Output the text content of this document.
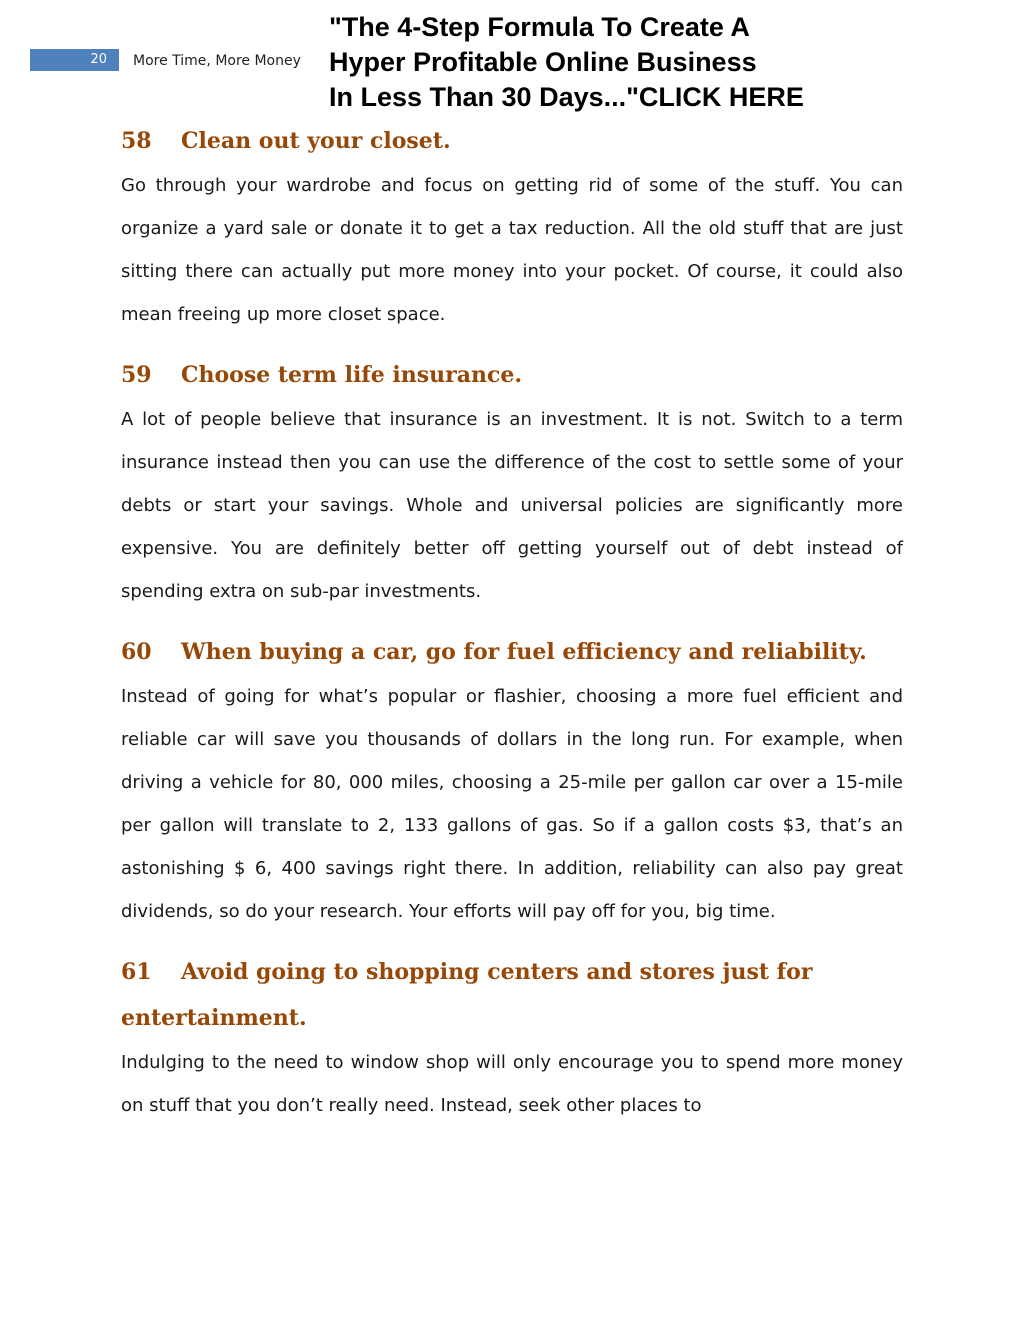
20	More Time, More Money
"The 4-Step Formula To Create A
Hyper Profitable Online Business
In Less Than 30 Days..."CLICK HERE
58 Clean out your closet.

Go through your wardrobe and focus on getting rid of some of the stuff. You can organize a yard sale or donate it to get a tax reduction. All the old stuff that are just sitting there can actually put more money into your pocket. Of course, it could also mean freeing up more closet space.

59 Choose term life insurance.

A lot of people believe that insurance is an investment. It is not. Switch to a term insurance instead then you can use the difference of the cost to settle some of your debts or start your savings. Whole and universal policies are significantly more expensive. You are definitely better off getting yourself out of debt instead of spending extra on sub-par investments.

60 When buying a car, go for fuel efficiency and reliability.

Instead of going for what’s popular or flashier, choosing a more fuel efficient and reliable car will save you thousands of dollars in the long run. For example, when driving a vehicle for 80, 000 miles, choosing a 25-mile per gallon car over a 15-mile per gallon will translate to 2, 133 gallons of gas. So if a gallon costs $3, that’s an astonishing $ 6, 400 savings right there. In addition, reliability can also pay great dividends, so do your research. Your efforts will pay off for you, big time.

61 Avoid going to shopping centers and stores just for entertainment.

Indulging to the need to window shop will only encourage you to spend more money on stuff that you don’t really need. Instead, seek other places to
